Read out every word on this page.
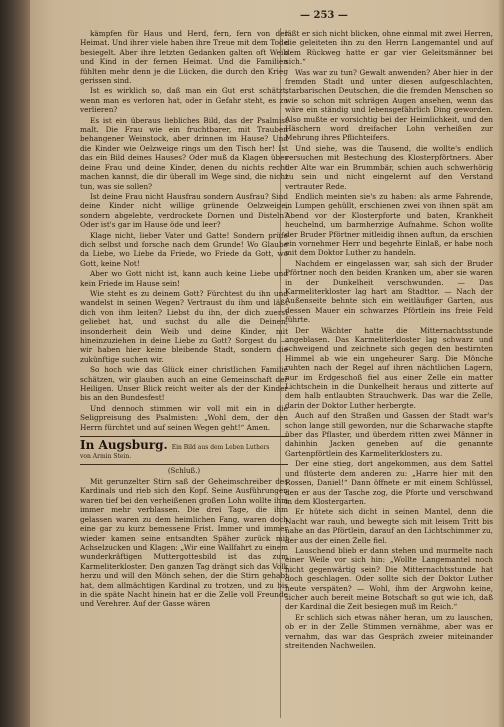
— 253 —

kämpfen für Haus und Herd, fern, fern von der Heimat. Und ihrer viele haben ihre Treue mit dem Tode besiegelt. Aber ihre letzten Gedanken galten oft Weib und Kind in der fernen Heimat. Und die Familien fühlten mehr denn je die Lücken, die durch den Krieg gerissen sind.

Ist es wirklich so, daß man ein Gut erst schätzt, wenn man es verloren hat, oder in Gefahr steht, es zu verlieren?

Es ist ein überaus liebliches Bild, das der Psalmist malt. Die Frau wie ein fruchtbarer, mit Trauben behangener Weinstock, aber drinnen im Hause? Und die Kinder wie Oelzweige rings um den Tisch her! Ist das ein Bild deines Hauses? Oder muß da Klagen über deine Frau und deine Kinder, denen du nichts recht machen kannst, die dir überall im Wege sind, die nicht tun, was sie sollen?

Ist deine Frau nicht Hausfrau sondern Ausfrau? Sind deine Kinder nicht willige grünende Oelzweige, sondern abgelebte, verdrockete Dornen und Disteln? Oder ist's gar im Hause öde und leer?

Klage nicht, lieber Vater und Gatte! Sondern prüfe dich selbst und forsche nach dem Grunde! Wo Glaube da Liebe, wo Liebe da Friede, wo Friede da Gott, wo Gott, keine Not!

Aber wo Gott nicht ist, kann auch keine Liebe und kein Friede im Hause sein!

Wie steht es zu deinem Gott? Fürchtest du ihn und wandelst in seinen Wegen? Vertraust du ihm und läßt dich von ihm leiten? Liebst du ihn, der dich zuerst geliebet hat, und suchst du alle die Deinen, insonderheit dein Weib und deine Kinder, mit hineinzuziehen in deine Liebe zu Gott? Sorgest du — wir haben hier keine bleibende Stadt, sondern die zukünftige suchen wir.

So hoch wie das Glück einer christlichen Familie schätzen, wir glauben auch an eine Gemeinschaft der Heiligen. Unser Blick reicht weiter als der der Kinder bis an den Bundesfest!

Und dennoch stimmen wir voll mit ein in die Seligpreisung des Psalmisten: „Wohl dem, der den Herrn fürchtet und auf seinen Wegen geht!“ Amen.

In Augsburg. Ein Bild aus dem Leben Luthers
von Armin Stein.
(Schluß.)

Mit gerunzelter Stirn saß der Geheimschreiber des Kardinals und rieb sich den Kopf. Seine Ausführungen waren tief bei den verheißenen großen Lohn wollte ihm immer mehr verblassen. Die drei Tage, die ihm gelassen waren zu dem heimlichen Fang, waren doch eine gar zu kurz bemessene Frist. Immer und immer wieder kamen seine entsandten Späher zurück mit Achselzucken und Klagen: „Wir eine Wallfahrt zu einem wunderkräftigen Muttergottesbild ist das zum Karmeliterkloster. Den ganzen Tag drängt sich das Volk herzu und will den Mönch sehen, der die Stirn gehabt hat, dem allmächtigen Kardinal zu trotzen, und zu bis in die späte Nacht hinein hat er die Zelle voll Freunde und Verehrer. Auf der Gasse wären

läßt er sich nicht blicken, ohne einmal mit zwei Herren, die geleiteten ihn zu den Herrn Langemantel und auf dem Rückweg hatte er gar vier Geleitsmänner bei sich.“

Was war zu tun? Gewalt anwenden? Aber hier in der fremden Stadt und unter diesen aufgeschlachten, starbarischen Deutschen, die die fremden Menschen so wie so schon mit schrägen Augen ansehen, wenn das wäre ein ständig und lebensgefährlich Ding geworden. Also mußte er vorsichtig bei der Heimlichkeit, und den Häschern word dreifacher Lohn verheißen zur Mehrung ihres Pflichteifers.

Und siehe, was die Tausend, die wollte's endlich versuchen mit Bestechung des Klosterpförtners. Aber der Alte war ein Brummbär, schien auch schwerhörig zu sein und nicht eingelernt auf den Verstand vertrauter Rede.

Endlich meinten sie's zu haben: als arme Fahrende, in Lumpen gehüllt, erschienen zwei von ihnen spät am Abend vor der Klosterpforte und baten, Krankheit heuchelnd, um barmherzige Aufnahme. Schon wollte der Bruder Pförtner mitleidig ihnen auftun, da erschien ein vornehmer Herr und begehrte Einlaß, er habe noch mit dem Doktor Luther zu handeln.

Nachdem er eingelassen war, sah sich der Bruder Pförtner noch den beiden Kranken um, aber sie waren in der Dunkelheit verschwunden. — Das Karmeliterkloster lag hart am Stadttor. — Nach der Außenseite behnte sich ein weitläufiger Garten, aus dessen Mauer ein schwarzes Pförtlein ins freie Feld führte.

Der Wächter hatte die Mitternachtsstunde angeblasen. Das Karmeliterkloster lag schwarz und schweigend und zeichnete sich gegen den bestirnten Himmel ab wie ein ungeheurer Sarg. Die Mönche ruhten nach der Regel auf ihren nächtlichen Lagern, nur im Erdgeschoß fiel aus einer Zelle ein matter Lichtschein in die Dunkelheit heraus und zitterte auf dem halb entlaubten Strauchwerk. Das war die Zelle, darin der Doktor Luther herbergte.

Auch auf den Straßen und Gassen der Stadt war's schon lange still geworden, nur die Scharwache stapfte über das Pflaster, und überdem ritten zwei Männer in dahinhin Jacken geneben auf die genannte Gartenpförtlein des Karmeliterklosters zu.

Der eine stieg, dort angekommen, aus dem Sattel und flüsterte dem anderen zu: „Harre hier mit den Rossen, Daniel!“ Dann öffnete er mit einem Schlüssel, den er aus der Tasche zog, die Pforte und verschwand in dem Klostergarten.

Er hütete sich dicht in seinen Mantel, denn die Nacht war rauh, und bewegte sich mit leisem Tritt bis nahe an das Pförtlein, darauf an den Lichtschimmer zu, der aus der einen Zelle fiel.

Lauschend blieb er dann stehen und murmelte nach einer Weile vor sich hin: „Wollte Langemantel noch nicht gegenwärtig sein? Die Mitternachtsstunde hat doch geschlagen. Oder sollte sich der Doktor Luther heute verspäten? — Wohl, ihm der Argwohn keine, sicher auch bereit meine Botschaft so gut wie ich, daß der Kardinal die Zeit besiegen muß im Reich.“

Er schlich sich etwas näher heran, um zu lauschen, ob er in der Zelle Stimmen vernähme, aber was er vernahm, das war das Gespräch zweier miteinander streitenden Nachweilen.
